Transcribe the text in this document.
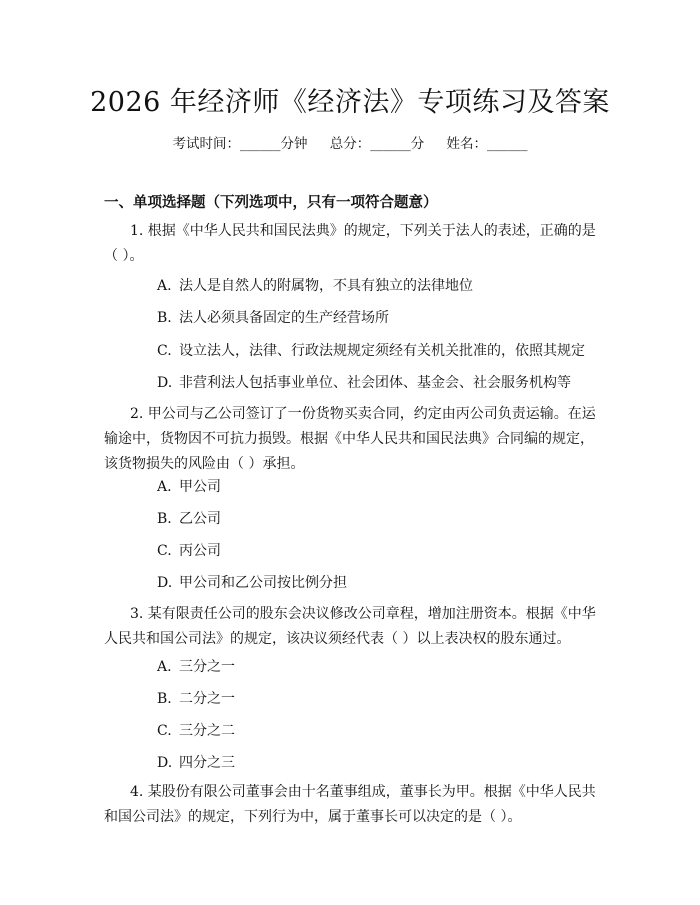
2026 年经济师《经济法》专项练习及答案
考试时间：______分钟 总分：______分 姓名：______
一、单项选择题（下列选项中，只有一项符合题意）
1. 根据《中华人民共和国民法典》的规定，下列关于法人的表述，正确的是（ ）。
A. 法人是自然人的附属物，不具有独立的法律地位
B. 法人必须具备固定的生产经营场所
C. 设立法人，法律、行政法规规定须经有关机关批准的，依照其规定
D. 非营利法人包括事业单位、社会团体、基金会、社会服务机构等
2. 甲公司与乙公司签订了一份货物买卖合同，约定由丙公司负责运输。在运输途中，货物因不可抗力损毁。根据《中华人民共和国民法典》合同编的规定，该货物损失的风险由（ ）承担。
A. 甲公司
B. 乙公司
C. 丙公司
D. 甲公司和乙公司按比例分担
3. 某有限责任公司的股东会决议修改公司章程，增加注册资本。根据《中华人民共和国公司法》的规定，该决议须经代表（ ）以上表决权的股东通过。
A. 三分之一
B. 二分之一
C. 三分之二
D. 四分之三
4. 某股份有限公司董事会由十名董事组成，董事长为甲。根据《中华人民共和国公司法》的规定，下列行为中，属于董事长可以决定的是（ ）。
